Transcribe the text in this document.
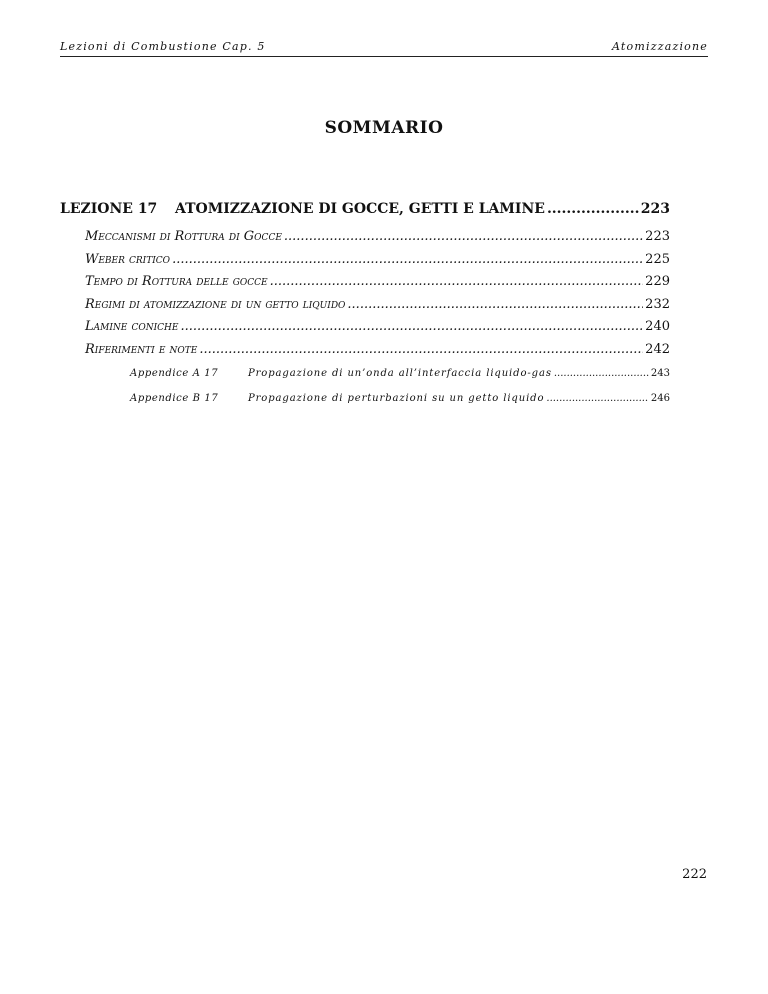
Lezioni di Combustione Cap. 5	Atomizzazione
SOMMARIO
LEZIONE 17	ATOMIZZAZIONE DI GOCCE, GETTI E LAMINE .....	223
Meccanismi di Rottura di Gocce .....	223
Weber critico .....	225
Tempo di Rottura delle gocce .....	229
Regimi di atomizzazione di un getto liquido .....	232
Lamine coniche .....	240
Riferimenti e note .....	242
Appendice A 17	Propagazione di un’onda all’interfaccia liquido-gas .....	243
Appendice B 17	Propagazione di perturbazioni su un getto liquido .....	246
222
